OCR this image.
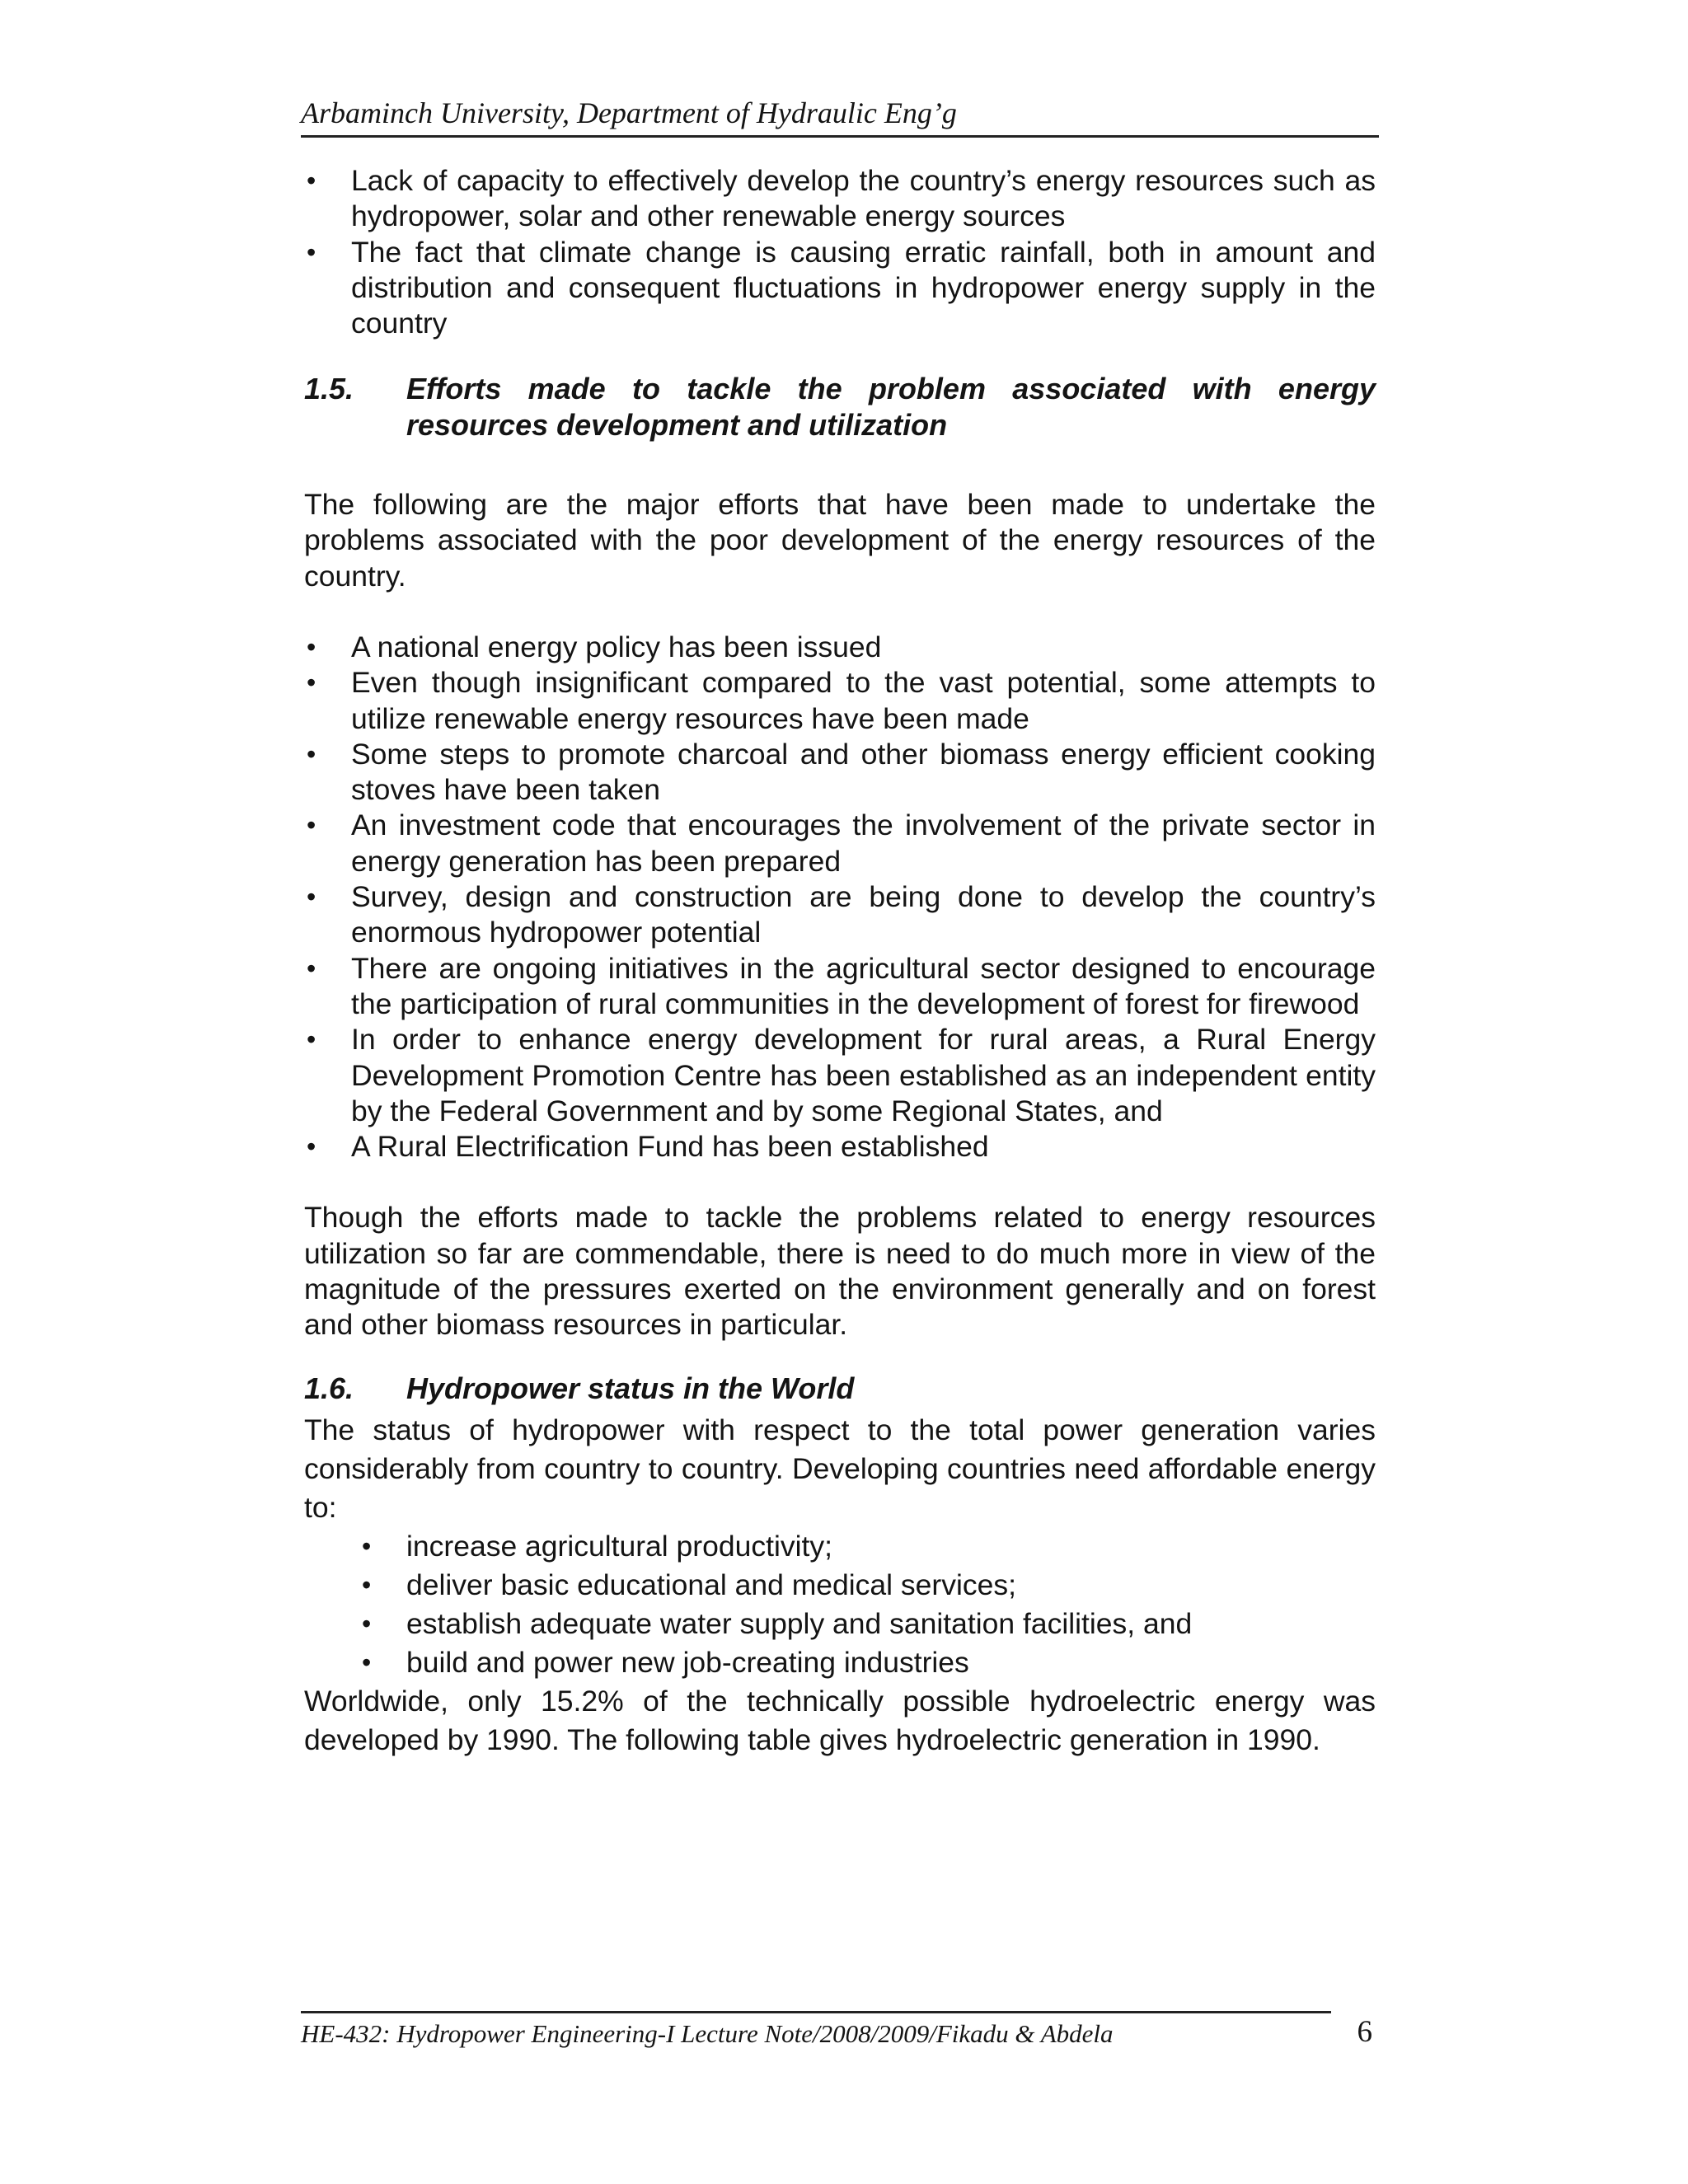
Arbaminch University, Department of Hydraulic Eng’g
• Lack of capacity to effectively develop the country’s energy resources such as hydropower, solar and other renewable energy sources
• The fact that climate change is causing erratic rainfall, both in amount and distribution and consequent fluctuations in hydropower energy supply in the country
1.5.	Efforts made to tackle the problem associated with energy resources development and utilization

The following are the major efforts that have been made to undertake the problems associated with the poor development of the energy resources of the country.

• A national energy policy has been issued
• Even though insignificant compared to the vast potential, some attempts to utilize renewable energy resources have been made
• Some steps to promote charcoal and other biomass energy efficient cooking stoves have been taken
• An investment code that encourages the involvement of the private sector in energy generation has been prepared
• Survey, design and construction are being done to develop the country’s enormous hydropower potential
• There are ongoing initiatives in the agricultural sector designed to encourage the participation of rural communities in the development of forest for firewood
• In order to enhance energy development for rural areas, a Rural Energy Development Promotion Centre has been established as an independent entity by the Federal Government and by some Regional States, and
• A Rural Electrification Fund has been established

Though the efforts made to tackle the problems related to energy resources utilization so far are commendable, there is need to do much more in view of the magnitude of the pressures exerted on the environment generally and on forest and other biomass resources in particular.

1.6.	Hydropower status in the World

The status of hydropower with respect to the total power generation varies considerably from country to country. Developing countries need affordable energy to:

• increase agricultural productivity;
• deliver basic educational and medical services;
• establish adequate water supply and sanitation facilities, and
• build and power new job-creating industries

Worldwide, only 15.2% of the technically possible hydroelectric energy was developed by 1990. The following table gives hydroelectric generation in 1990.

HE-432: Hydropower Engineering-I Lecture Note/2008/2009/Fikadu & Abdela	6
